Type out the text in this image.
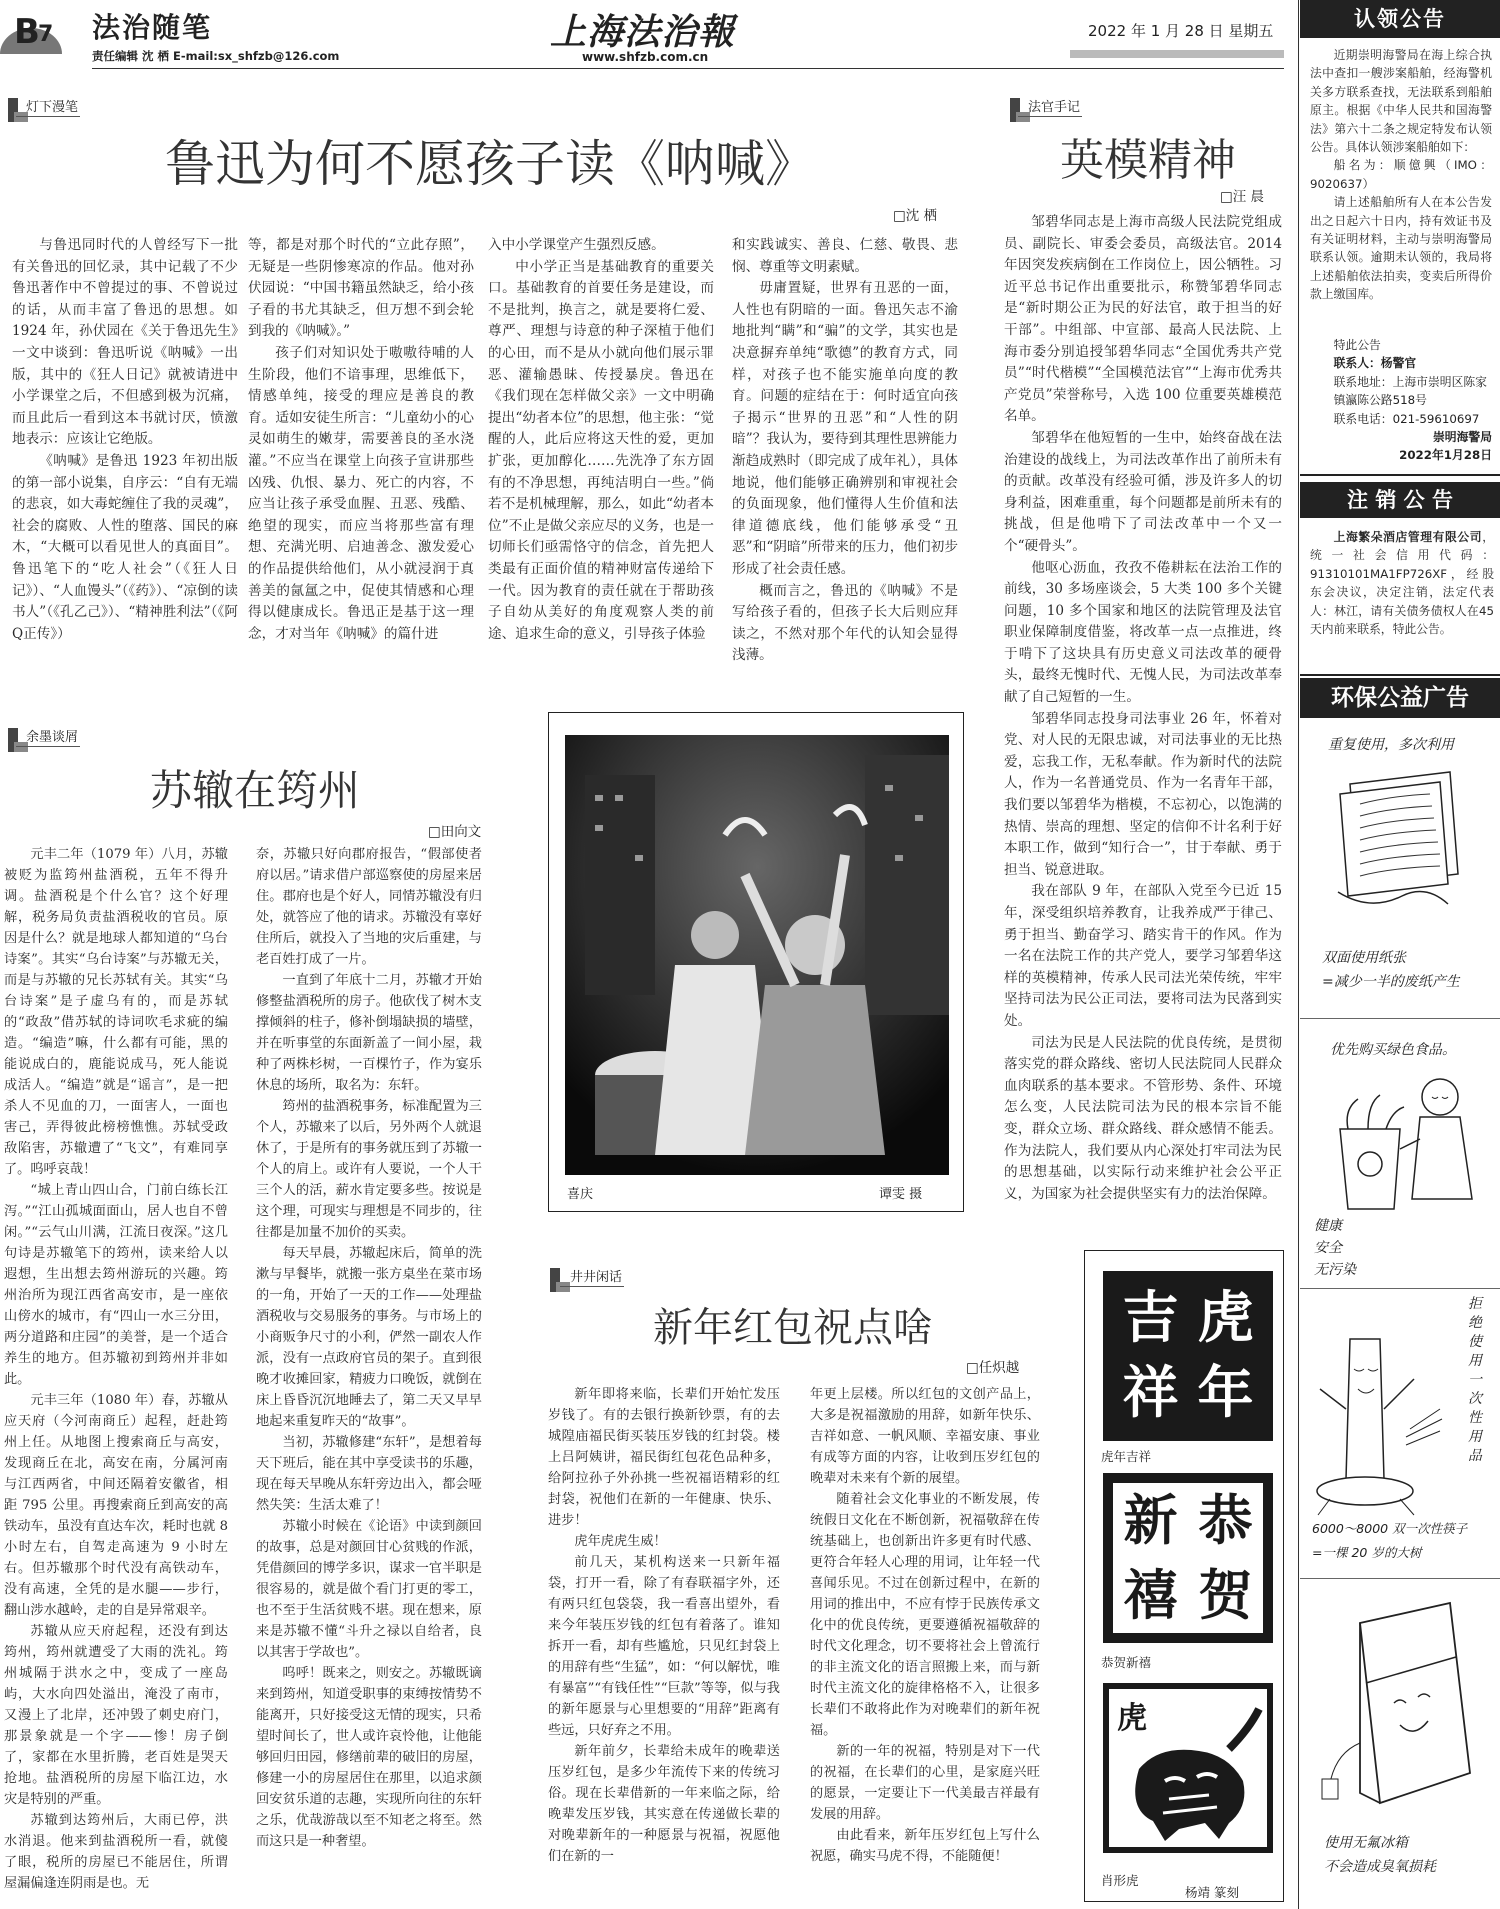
B
7 法治随笔
责任编辑 沈 栖 E-mail:sx_shfzb@126.com
上海法治報
www.shfzb.com.cn
2022 年 1 月 28 日 星期五
灯下漫笔
鲁迅为何不愿孩子读《呐喊》
□沈 栖

与鲁迅同时代的人曾经写下一批有关鲁迅的回忆录，其中记载了不少鲁迅著作中不曾提过的事、不曾说过的话，从而丰富了鲁迅的思想。如 1924 年，孙伏园在《关于鲁迅先生》一文中谈到：鲁迅听说《呐喊》一出版，其中的《狂人日记》就被请进中小学课堂之后，不但感到极为沉痛，而且此后一看到这本书就讨厌，愤激地表示：应该让它绝版。

《呐喊》是鲁迅 1923 年初出版的第一部小说集，自序云：“自有无端的悲哀，如大毒蛇缠住了我的灵魂”，社会的腐败、人性的堕落、国民的麻木，“大概可以看见世人的真面目”。鲁迅笔下的“吃人社会”（《狂人日记》）、“人血馒头”（《药》）、“凉倒的读书人”（《孔乙己》）、“精神胜利法”（《阿Q正传》）

等，都是对那个时代的“立此存照”，无疑是一些阴惨寒凉的作品。他对孙伏园说：“中国书籍虽然缺乏，给小孩子看的书尤其缺乏，但万想不到会轮到我的《呐喊》。”

孩子们对知识处于嗷嗷待哺的人生阶段，他们不谙事理，思维低下，情感单纯，接受的理应是善良的教育。适如安徒生所言：“儿童幼小的心灵如萌生的嫩芽，需要善良的圣水浇灌。”不应当在课堂上向孩子宣讲那些凶残、仇恨、暴力、死亡的内容，不应当让孩子承受血腥、丑恶、残酷、绝望的现实，而应当将那些富有理想、充满光明、启迪善念、激发爱心的作品提供给他们，从小就浸润于真善美的氤氲之中，促使其情感和心理得以健康成长。鲁迅正是基于这一理念，才对当年《呐喊》的篇什进

入中小学课堂产生强烈反感。

中小学正当是基础教育的重要关口。基础教育的首要任务是建设，而不是批判，换言之，就是要将仁爱、尊严、理想与诗意的种子深植于他们的心田，而不是从小就向他们展示罪恶、灌输愚昧、传授暴戾。鲁迅在《我们现在怎样做父亲》一文中明确提出“幼者本位”的思想，他主张：“觉醒的人，此后应将这天性的爱，更加扩张，更加醇化……先洗净了东方固有的不净思想，再纯洁明白一些。”倘若不是机械理解，那么，如此“幼者本位”不止是做父亲应尽的义务，也是一切师长们亟需恪守的信念，首先把人类最有正面价值的精神财富传递给下一代。因为教育的责任就在于帮助孩子自幼从美好的角度观察人类的前途、追求生命的意义，引导孩子体验

和实践诚实、善良、仁慈、敬畏、悲悯、尊重等文明素赋。

毋庸置疑，世界有丑恶的一面，人性也有阴暗的一面。鲁迅矢志不渝地批判“瞒”和“骗”的文学，其实也是决意摒弃单纯“歌德”的教育方式，同样，对孩子也不能实施单向度的教育。问题的症结在于：何时适宜向孩子揭示“世界的丑恶”和“人性的阴暗”？我认为，要待到其理性思辨能力渐趋成熟时（即完成了成年礼），具体地说，他们能够正确辨别和审视社会的负面现象，他们懂得人生价值和法律道德底线，他们能够承受“丑恶”和“阴暗”所带来的压力，他们初步形成了社会责任感。

概而言之，鲁迅的《呐喊》不是写给孩子看的，但孩子长大后则应拜读之，不然对那个年代的认知会显得浅薄。

法官手记
英模精神
□汪 晨

邹碧华同志是上海市高级人民法院党组成员、副院长、审委会委员，高级法官。2014 年因突发疾病倒在工作岗位上，因公牺牲。习近平总书记作出重要批示，称赞邹碧华同志是“新时期公正为民的好法官，敢于担当的好干部”。中组部、中宣部、最高人民法院、上海市委分别追授邹碧华同志“全国优秀共产党员”“时代楷模”“全国模范法官”“上海市优秀共产党员”荣誉称号，入选 100 位重要英雄模范名单。

邹碧华在他短暂的一生中，始终奋战在法治建设的战线上，为司法改革作出了前所未有的贡献。改革没有经验可循，涉及许多人的切身利益，困难重重，每个问题都是前所未有的挑战，但是他啃下了司法改革中一个又一个“硬骨头”。

他呕心沥血，孜孜不倦耕耘在法治工作的前线，30 多场座谈会，5 大类 100 多个关键问题，10 多个国家和地区的法院管理及法官职业保障制度借鉴，将改革一点一点推进，终于啃下了这块具有历史意义司法改革的硬骨头，最终无愧时代、无愧人民，为司法改革奉献了自己短暂的一生。

邹碧华同志投身司法事业 26 年，怀着对党、对人民的无限忠诚，对司法事业的无比热爱，忘我工作，无私奉献。作为新时代的法院人，作为一名普通党员、作为一名青年干部，我们要以邹碧华为楷模，不忘初心，以饱满的热情、崇高的理想、坚定的信仰不计名利于好本职工作，做到“知行合一”，甘于奉献、勇于担当、锐意进取。

我在部队 9 年，在部队入党至今已近 15 年，深受组织培养教育，让我养成严于律己、勇于担当、勤奋学习、踏实肯干的作风。作为一名在法院工作的共产党人，要学习邹碧华这样的英模精神，传承人民司法光荣传统，牢牢坚持司法为民公正司法，要将司法为民落到实处。

司法为民是人民法院的优良传统，是贯彻落实党的群众路线、密切人民法院同人民群众血肉联系的基本要求。不管形势、条件、环境怎么变，人民法院司法为民的根本宗旨不能变，群众立场、群众路线、群众感情不能丢。作为法院人，我们要从内心深处打牢司法为民的思想基础，以实际行动来维护社会公平正义，为国家为社会提供坚实有力的法治保障。

认领公告

近期崇明海警局在海上综合执法中查扣一艘涉案船舶，经海警机关多方联系查找，无法联系到船舶原主。根据《中华人民共和国海警法》第六十二条之规定特发布认领公告。具体认领涉案船舶如下：

船名为：顺億興（IMO：9020637）

请上述船舶所有人在本公告发出之日起六十日内，持有效证书及有关证明材料，主动与崇明海警局联系认领。逾期未认领的，我局将上述船舶依法拍卖，变卖后所得价款上缴国库。

特此公告
联系人：杨警官
联系地址：上海市崇明区陈家镇瀛陈公路518号
联系电话：021-59610697
崇明海警局
2022年1月28日
注 销 公 告

上海繁朵酒店管理有限公司，统一社会信用代码：91310101MA1FP726XF，经股东会决议，决定注销，法定代表人：林江，请有关债务债权人在45天内前来联系，特此公告。

环保公益广告
重复使用，多次利用
双面使用纸张
=减少一半的废纸产生
优先购买绿色食品。
健康
安全
无污染
拒
绝
使
用
一
次
性
用
品
6000～8000 双一次性筷子
=一棵 20 岁的大树
使用无氟冰箱
不会造成臭氧损耗
余墨谈屑
苏辙在筠州
□田向文

元丰二年（1079 年）八月，苏辙被贬为监筠州盐酒税，五年不得升调。盐酒税是个什么官？这个好理解，税务局负责盐酒税收的官员。原因是什么？就是地球人都知道的“乌台诗案”。其实“乌台诗案”与苏辙无关，而是与苏辙的兄长苏轼有关。其实“乌台诗案”是子虚乌有的，而是苏轼的“政敌”借苏轼的诗词吹毛求疵的编造。“编造”嘛，什么都有可能，黑的能说成白的，鹿能说成马，死人能说成活人。“编造”就是“谣言”，是一把杀人不见血的刀，一面害人，一面也害己，弄得彼此榜榜憔憔。苏轼受政敌陷害，苏辙遭了“飞文”，有难同享了。呜呼哀哉！

“城上青山四山合，门前白练长江泻。”“江山孤城面面山，居人也自不曾闲。”“云气山川满，江流日夜深。”这几句诗是苏辙笔下的筠州，读来给人以遐想，生出想去筠州游玩的兴趣。筠州治所为现江西省高安市，是一座依山傍水的城市，有“四山一水三分田，两分道路和庄园”的美誉，是一个适合养生的地方。但苏辙初到筠州并非如此。

元丰三年（1080 年）春，苏辙从应天府（今河南商丘）起程，赶赴筠州上任。从地图上搜索商丘与高安，发现商丘在北，高安在南，分属河南与江西两省，中间还隔着安徽省，相距 795 公里。再搜索商丘到高安的高铁动车，虽没有直达车次，耗时也就 8 小时左右，自驾走高速为 9 小时左右。但苏辙那个时代没有高铁动车，没有高速，全凭的是水腿——步行，翻山涉水越岭，走的自是异常艰辛。

苏辙从应天府起程，还没有到达筠州，筠州就遭受了大雨的洗礼。筠州城隔于洪水之中，变成了一座岛屿，大水向四处溢出，淹没了南市，又漫上了北岸，还冲毁了刺史府门，那景象就是一个字——惨！房子倒了，家都在水里折腾，老百姓是哭天抢地。盐酒税所的房屋下临江边，水灾是特别的严重。

苏辙到达筠州后，大雨已停，洪水消退。他来到盐酒税所一看，就傻了眼，税所的房屋已不能居住，所谓屋漏偏逢连阴雨是也。无

奈，苏辙只好向郡府报告，“假部使者府以居。”请求借户部巡察使的房屋来居住。郡府也是个好人，同情苏辙没有归处，就答应了他的请求。苏辙没有辜好住所后，就投入了当地的灾后重建，与老百姓打成了一片。

一直到了年底十二月，苏辙才开始修整盐酒税所的房子。他砍伐了树木支撑倾斜的柱子，修补倒塌缺损的墙壁，并在听事堂的东面新盖了一间小屋，栽种了两株杉树，一百棵竹子，作为宴乐休息的场所，取名为：东轩。

筠州的盐酒税事务，标准配置为三个人，苏辙来了以后，另外两个人就退休了，于是所有的事务就压到了苏辙一个人的肩上。或许有人要说，一个人干三个人的活，薪水肯定要多些。按说是这个理，可现实与理想是不同步的，往往都是加量不加价的买卖。

每天早晨，苏辙起床后，简单的洗漱与早餐毕，就搬一张方桌坐在菜市场的一角，开始了一天的工作——处理盐酒税收与交易服务的事务。与市场上的小商贩争尺寸的小利，俨然一副农人作派，没有一点政府官员的架子。直到很晚才收摊回家，精疲力口晚饭，就倒在床上昏昏沉沉地睡去了，第二天又早早地起来重复昨天的“故事”。

当初，苏辙修建“东轩”，是想着每天下班后，能在其中享受读书的乐趣，现在每天早晚从东轩旁边出入，都会哑然失笑：生活太难了！

苏辙小时候在《论语》中读到颜回的故事，总是对颜回甘心贫贱的作派，凭借颜回的博学多识，谋求一官半职是很容易的，就是做个看门打更的零工，也不至于生活贫贱不堪。现在想来，原来是苏辙不懂“斗升之禄以自给者，良以其害于学故也”。

呜呼！既来之，则安之。苏辙既谪来到筠州，知道受职事的束缚按情势不能离开，只好接受这无情的现实，只希望时间长了，世人或许哀怜他，让他能够回归田园，修缮前辈的破旧的房屋，修建一小的房屋居住在那里，以追求颜回安贫乐道的志趣，实现所向往的东轩之乐，优哉游哉以至不知老之将至。然而这只是一种奢望。

喜庆	谭雯 摄
井井闲话
新年红包祝点啥
□任炽越

新年即将来临，长辈们开始忙发压岁钱了。有的去银行换新钞票，有的去城隍庙福民街买装压岁钱的红封袋。楼上吕阿姨讲，福民街红包花色品种多，给阿拉孙子外孙挑一些祝福语精彩的红封袋，祝他们在新的一年健康、快乐、进步！

虎年虎虎生威！

前几天，某机构送来一只新年福袋，打开一看，除了有春联福字外，还有两只红包袋袋，我一看喜出望外，看来今年装压岁钱的红包有着落了。谁知拆开一看，却有些尴尬，只见红封袋上的用辞有些“生猛”，如：“何以解忧，唯有暴富”“有钱任性”“巨款”等等，似与我的新年愿景与心里想要的“用辞”距离有些远，只好弃之不用。

新年前夕，长辈给未成年的晚辈送压岁红包，是多少年流传下来的传统习俗。现在长辈借新的一年来临之际，给晚辈发压岁钱，其实意在传递做长辈的对晚辈新年的一种愿景与祝福，祝愿他们在新的一

年更上层楼。所以红包的文创产品上，大多是祝福激励的用辞，如新年快乐、吉祥如意、一帆风顺、幸福安康、事业有成等方面的内容，让收到压岁红包的晚辈对未来有个新的展望。

随着社会文化事业的不断发展，传统假日文化在不断创新，祝福敬辞在传统基础上，也创新出许多更有时代感、更符合年轻人心理的用词，让年轻一代喜闻乐见。不过在创新过程中，在新的用词的推出中，不应有悖于民族传承文化中的优良传统，更要遵循祝福敬辞的时代文化理念，切不要将社会上曾流行的非主流文化的语言照搬上来，而与新时代主流文化的旋律格格不入，让很多长辈们不敢将此作为对晚辈们的新年祝福。

新的一年的祝福，特别是对下一代的祝福，在长辈们的心里，是家庭兴旺的愿景，一定要让下一代美最吉祥最有发展的用辞。

由此看来，新年压岁红包上写什么祝愿，确实马虎不得，不能随便！

虎
年
吉
祥
虎年吉祥
恭
贺
新
禧
恭贺新禧
虎
肖形虎
杨靖 篆刻
